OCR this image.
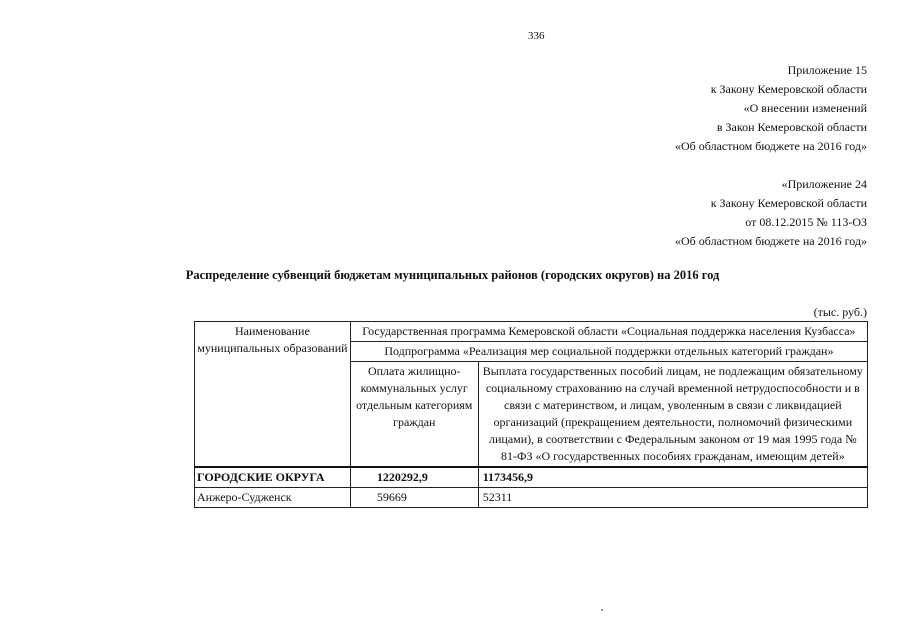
336
Приложение 15
к Закону Кемеровской области
«О внесении изменений
в Закон Кемеровской области
«Об областном бюджете на 2016 год»
«Приложение 24
к Закону Кемеровской области
от 08.12.2015 № 113-ОЗ
«Об областном бюджете на 2016 год»
Распределение субвенций бюджетам муниципальных районов (городских округов) на 2016 год
(тыс. руб.)
Наименование муниципальных образований	Государственная программа Кемеровской области «Социальная поддержка населения Кузбасса»	
	Подпрограмма «Реализация мер социальной поддержки отдельных категорий граждан»	
	Оплата жилищно-коммунальных услуг отдельным категориям граждан	Выплата государственных пособий лицам, не подлежащим обязательному социальному страхованию на случай временной нетрудоспособности и в связи с материнством, и лицам, уволенным в связи с ликвидацией организаций (прекращением деятельности, полномочий физическими лицами), в соответствии с Федеральным законом от 19 мая 1995 года № 81-ФЗ «О государственных пособиях гражданам, имеющим детей»
ГОРОДСКИЕ ОКРУГА	1220292,9	1173456,9
Анжеро-Судженск	59669	52311
